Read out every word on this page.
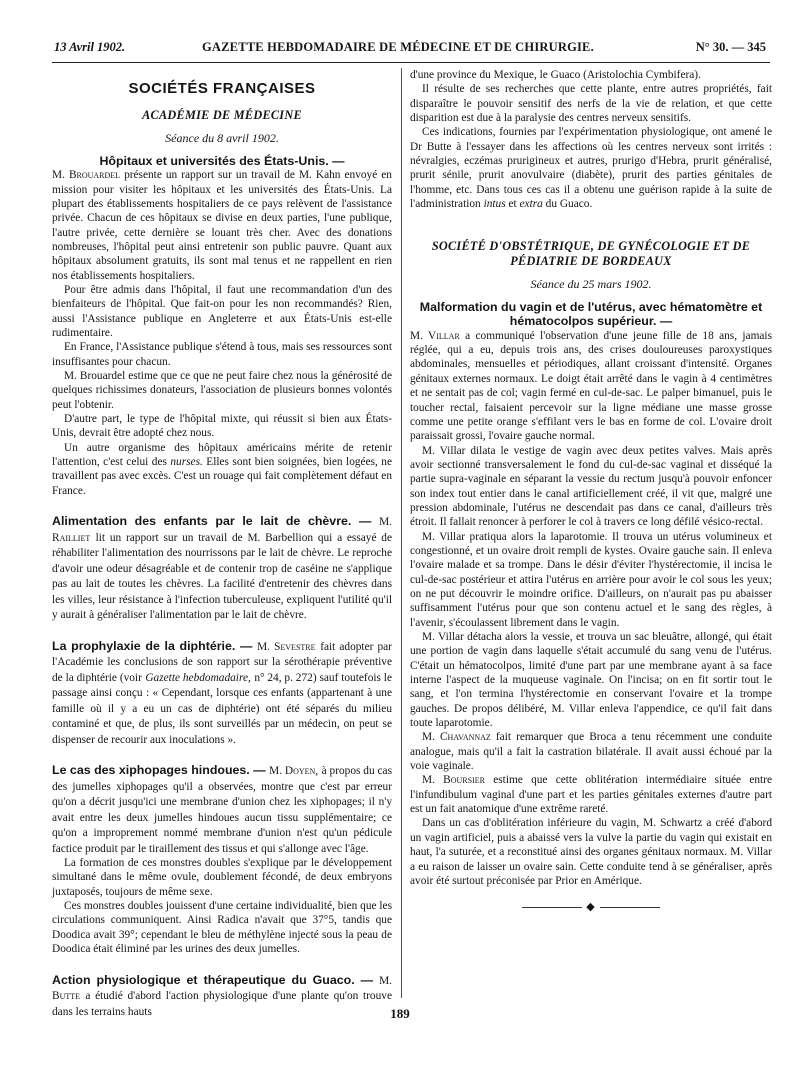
13 Avril 1902.	GAZETTE HEBDOMADAIRE DE MÉDECINE ET DE CHIRURGIE.	N° 30. — 345
SOCIÉTÉS FRANÇAISES
ACADÉMIE DE MÉDECINE
Séance du 8 avril 1902.
Hôpitaux et universités des États-Unis. —

M. Brouardel présente un rapport sur un travail de M. Kahn envoyé en mission pour visiter les hôpitaux et les universités des États-Unis. La plupart des établissements hospitaliers de ce pays relèvent de l'assistance privée. Chacun de ces hôpitaux se divise en deux parties, l'une publique, l'autre privée, cette dernière se louant très cher. Avec des donations nombreuses, l'hôpital peut ainsi entretenir son public pauvre. Quant aux hôpitaux absolument gratuits, ils sont mal tenus et ne rappellent en rien nos établissements hospitaliers.

Pour être admis dans l'hôpital, il faut une recommandation d'un des bienfaiteurs de l'hôpital. Que fait-on pour les non recommandés? Rien, aussi l'Assistance publique en Angleterre et aux États-Unis est-elle rudimentaire.

En France, l'Assistance publique s'étend à tous, mais ses ressources sont insuffisantes pour chacun.

M. Brouardel estime que ce que ne peut faire chez nous la générosité de quelques richissimes donateurs, l'association de plusieurs bonnes volontés peut l'obtenir.

D'autre part, le type de l'hôpital mixte, qui réussit si bien aux États-Unis, devrait être adopté chez nous.

Un autre organisme des hôpitaux américains mérite de retenir l'attention, c'est celui des nurses. Elles sont bien soignées, bien logées, ne travaillent pas avec excès. C'est un rouage qui fait complètement défaut en France.

Alimentation des enfants par le lait de chèvre. — M. Railliet lit un rapport sur un travail de M. Barbellion qui a essayé de réhabiliter l'alimentation des nourrissons par le lait de chèvre. Le reproche d'avoir une odeur désagréable et de contenir trop de caséine ne s'applique pas au lait de toutes les chèvres. La facilité d'entretenir des chèvres dans les villes, leur résistance à l'infection tuberculeuse, expliquent l'utilité qu'il y aurait à généraliser l'alimentation par le lait de chèvre.
La prophylaxie de la diphtérie. — M. Sevestre fait adopter par l'Académie les conclusions de son rapport sur la sérothérapie préventive de la diphtérie (voir Gazette hebdomadaire, n° 24, p. 272) sauf toutefois le passage ainsi conçu : « Cependant, lorsque ces enfants (appartenant à une famille où il y a eu un cas de diphtérie) ont été séparés du milieu contaminé et que, de plus, ils sont surveillés par un médecin, on peut se dispenser de recourir aux inoculations ».
Le cas des xiphopages hindoues. — M. Doyen, à propos du cas des jumelles xiphopages qu'il a observées, montre que c'est par erreur qu'on a décrit jusqu'ici une membrane d'union chez les xiphopages; il n'y avait entre les deux jumelles hindoues aucun tissu supplémentaire; ce qu'on a improprement nommé membrane d'union n'est qu'un pédicule factice produit par le tiraillement des tissus et qui s'allonge avec l'âge.

La formation de ces monstres doubles s'explique par le développement simultané dans le même ovule, doublement fécondé, de deux embryons juxtaposés, toujours de même sexe.

Ces monstres doubles jouissent d'une certaine individualité, bien que les circulations communiquent. Ainsi Radica n'avait que 37°5, tandis que Doodica avait 39°; cependant le bleu de méthylène injecté sous la peau de Doodica était éliminé par les urines des deux jumelles.

Action physiologique et thérapeutique du Guaco. — M. Butte a étudié d'abord l'action physiologique d'une plante qu'on trouve dans les terrains hauts

d'une province du Mexique, le Guaco (Aristolochia Cymbifera).

Il résulte de ses recherches que cette plante, entre autres propriétés, fait disparaître le pouvoir sensitif des nerfs de la vie de relation, et que cette disparition est due à la paralysie des centres nerveux sensitifs.

Ces indications, fournies par l'expérimentation physiologique, ont amené le Dr Butte à l'essayer dans les affections où les centres nerveux sont irrités : névralgies, eczémas prurigineux et autres, prurigo d'Hebra, prurit généralisé, prurit sénile, prurit anovulvaire (diabète), prurit des parties génitales de l'homme, etc. Dans tous ces cas il a obtenu une guérison rapide à la suite de l'administration intus et extra du Guaco.

SOCIÉTÉ D'OBSTÉTRIQUE, DE GYNÉCOLOGIE ET DE PÉDIATRIE DE BORDEAUX
Séance du 25 mars 1902.
Malformation du vagin et de l'utérus, avec hématomètre et hématocolpos supérieur. —

M. Villar a communiqué l'observation d'une jeune fille de 18 ans, jamais réglée, qui a eu, depuis trois ans, des crises douloureuses paroxystiques abdominales, mensuelles et périodiques, allant croissant d'intensité. Organes génitaux externes normaux. Le doigt était arrêté dans le vagin à 4 centimètres et ne sentait pas de col; vagin fermé en cul-de-sac. Le palper bimanuel, puis le toucher rectal, faisaient percevoir sur la ligne médiane une masse grosse comme une petite orange s'effilant vers le bas en forme de col. L'ovaire droit paraissait grossi, l'ovaire gauche normal.

M. Villar dilata le vestige de vagin avec deux petites valves. Mais après avoir sectionné transversalement le fond du cul-de-sac vaginal et disséqué la partie supra-vaginale en séparant la vessie du rectum jusqu'à pouvoir enfoncer son index tout entier dans le canal artificiellement créé, il vit que, malgré une pression abdominale, l'utérus ne descendait pas dans ce canal, d'ailleurs très étroit. Il fallait renoncer à perforer le col à travers ce long défilé vésico-rectal.

M. Villar pratiqua alors la laparotomie. Il trouva un utérus volumineux et congestionné, et un ovaire droit rempli de kystes. Ovaire gauche sain. Il enleva l'ovaire malade et sa trompe. Dans le désir d'éviter l'hystérectomie, il incisa le cul-de-sac postérieur et attira l'utérus en arrière pour avoir le col sous les yeux; on ne put découvrir le moindre orifice. D'ailleurs, on n'aurait pas pu abaisser suffisamment l'utérus pour que son contenu actuel et le sang des règles, à l'avenir, s'écoulassent librement dans le vagin.

M. Villar détacha alors la vessie, et trouva un sac bleuâtre, allongé, qui était une portion de vagin dans laquelle s'était accumulé du sang venu de l'utérus. C'était un hématocolpos, limité d'une part par une membrane ayant à sa face interne l'aspect de la muqueuse vaginale. On l'incisa; on en fit sortir tout le sang, et l'on termina l'hystérectomie en conservant l'ovaire et la trompe gauches. De propos délibéré, M. Villar enleva l'appendice, ce qu'il fait dans toute laparotomie.

M. Chavannaz fait remarquer que Broca a tenu récemment une conduite analogue, mais qu'il a fait la castration bilatérale. Il avait aussi échoué par la voie vaginale.

M. Boursier estime que cette oblitération intermédiaire située entre l'infundibulum vaginal d'une part et les parties génitales externes d'autre part est un fait anatomique d'une extrême rareté.

Dans un cas d'oblitération inférieure du vagin, M. Schwartz a créé d'abord un vagin artificiel, puis a abaissé vers la vulve la partie du vagin qui existait en haut, l'a suturée, et a reconstitué ainsi des organes génitaux normaux. M. Villar a eu raison de laisser un ovaire sain. Cette conduite tend à se généraliser, après avoir été surtout préconisée par Prior en Amérique.

◆
189
